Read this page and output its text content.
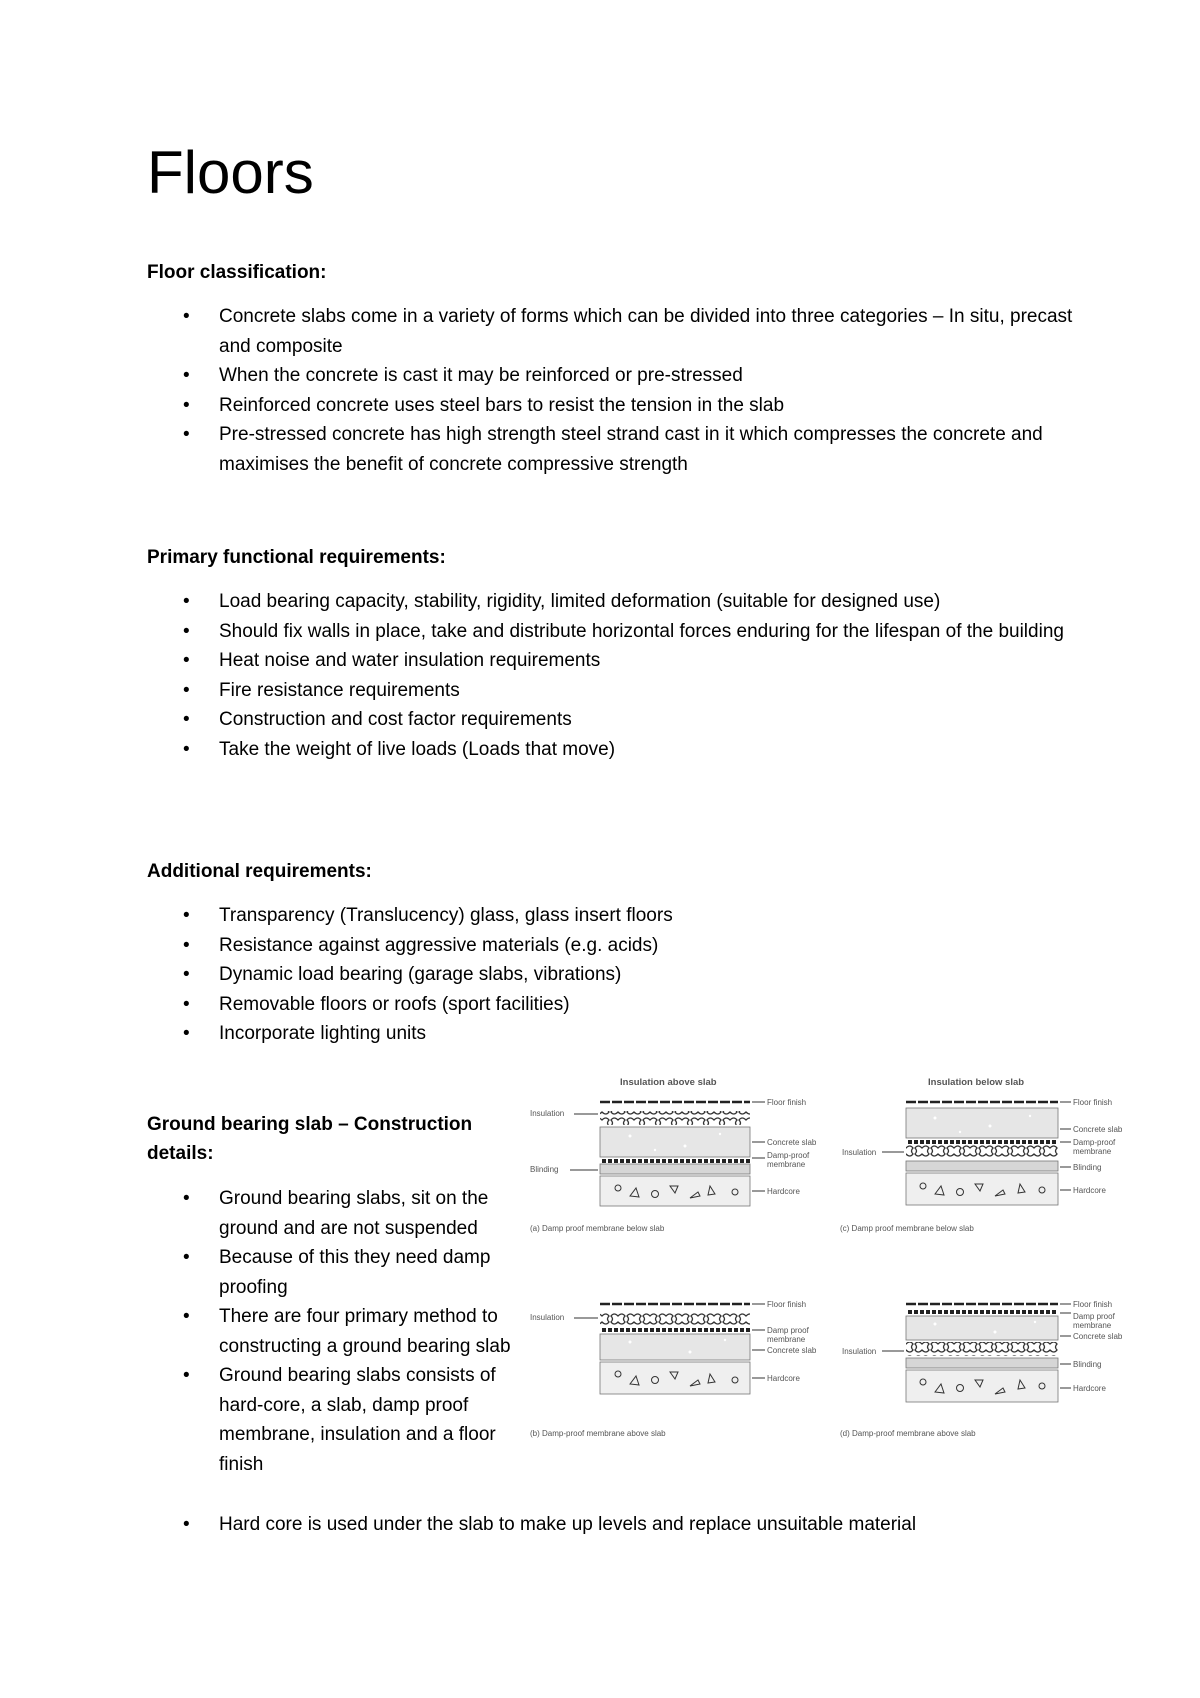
Floors
Floor classification:
• Concrete slabs come in a variety of forms which can be divided into three categories – In situ, precast and composite
• When the concrete is cast it may be reinforced or pre-stressed
• Reinforced concrete uses steel bars to resist the tension in the slab
• Pre-stressed concrete has high strength steel strand cast in it which compresses the concrete and maximises the benefit of concrete compressive strength
Primary functional requirements:
• Load bearing capacity, stability, rigidity, limited deformation (suitable for designed use)
• Should fix walls in place, take and distribute horizontal forces enduring for the lifespan of the building
• Heat noise and water insulation requirements
• Fire resistance requirements
• Construction and cost factor requirements
• Take the weight of live loads (Loads that move)
Additional requirements:
• Transparency (Translucency) glass, glass insert floors
• Resistance against aggressive materials (e.g. acids)
• Dynamic load bearing (garage slabs, vibrations)
• Removable floors or roofs (sport facilities)
• Incorporate lighting units
Ground bearing slab – Construction details:
• Ground bearing slabs, sit on the ground and are not suspended
• Because of this they need damp proofing
• There are four primary method to constructing a ground bearing slab
• Ground bearing slabs consists of hard-core, a slab, damp proof membrane, insulation and a floor finish
• Hard core is used under the slab to make up levels and replace unsuitable material
Insulation above slab
Insulation
Blinding
Floor finish
Concrete slab
Damp-proof
membrane
Hardcore
(a) Damp proof membrane below slab
Insulation below slab
Insulation
Floor finish
Concrete slab
Damp-proof
membrane
Blinding
Hardcore
(c) Damp proof membrane below slab
Insulation
Floor finish
Damp proof
membrane
Concrete slab
Hardcore
(b) Damp-proof membrane above slab
Insulation
Floor finish
Damp proof
membrane
Concrete slab
Blinding
Hardcore
(d) Damp-proof membrane above slab
